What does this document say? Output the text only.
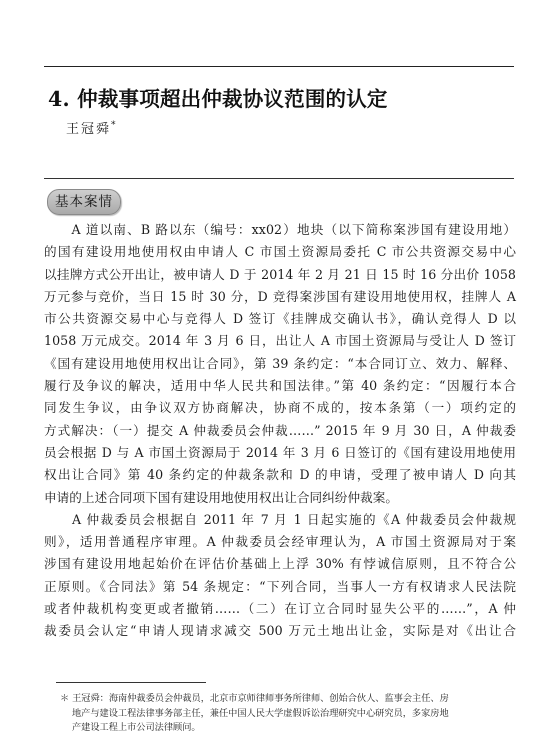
4. 仲裁事项超出仲裁协议范围的认定
王冠舜*
基本案情
　　A 道以南、B 路以东（编号：xx02）地块（以下简称案涉国有建设用地）
的国有建设用地使用权由申请人 C 市国土资源局委托 C 市公共资源交易中心
以挂牌方式公开出让，被申请人 D 于 2014 年 2 月 21 日 15 时 16 分出价 1058
万元参与竞价，当日 15 时 30 分，D 竞得案涉国有建设用地使用权，挂牌人 A
市公共资源交易中心与竞得人 D 签订《挂牌成交确认书》，确认竞得人 D 以
1058 万元成交。2014 年 3 月 6 日，出让人 A 市国土资源局与受让人 D 签订
《国有建设用地使用权出让合同》，第 39 条约定：“本合同订立、效力、解释、
履行及争议的解决，适用中华人民共和国法律。”第 40 条约定：“因履行本合
同发生争议，由争议双方协商解决，协商不成的，按本条第（一）项约定的
方式解决：（一）提交 A 仲裁委员会仲裁……” 2015 年 9 月 30 日，A 仲裁委
员会根据 D 与 A 市国土资源局于 2014 年 3 月 6 日签订的《国有建设用地使用
权出让合同》第 40 条约定的仲裁条款和 D 的申请，受理了被申请人 D 向其
申请的上述合同项下国有建设用地使用权出让合同纠纷仲裁案。
　　A 仲裁委员会根据自 2011 年 7 月 1 日起实施的《A 仲裁委员会仲裁规
则》，适用普通程序审理。A 仲裁委员会经审理认为，A 市国土资源局对于案
涉国有建设用地起始价在评估价基础上上浮 30% 有悖诚信原则，且不符合公
正原则。《合同法》第 54 条规定：“下列合同，当事人一方有权请求人民法院
或者仲裁机构变更或者撤销……（二）在订立合同时显失公平的……”，A 仲
裁委员会认定“申请人现请求减交 500 万元土地出让金，实际是对《出让合
＊ 王冠舜：海南仲裁委员会仲裁员，北京市京师律师事务所律师、创始合伙人、监事会主任、房
地产与建设工程法律事务部主任，兼任中国人民大学虚假诉讼治理研究中心研究员，多家房地
产建设工程上市公司法律顾问。
